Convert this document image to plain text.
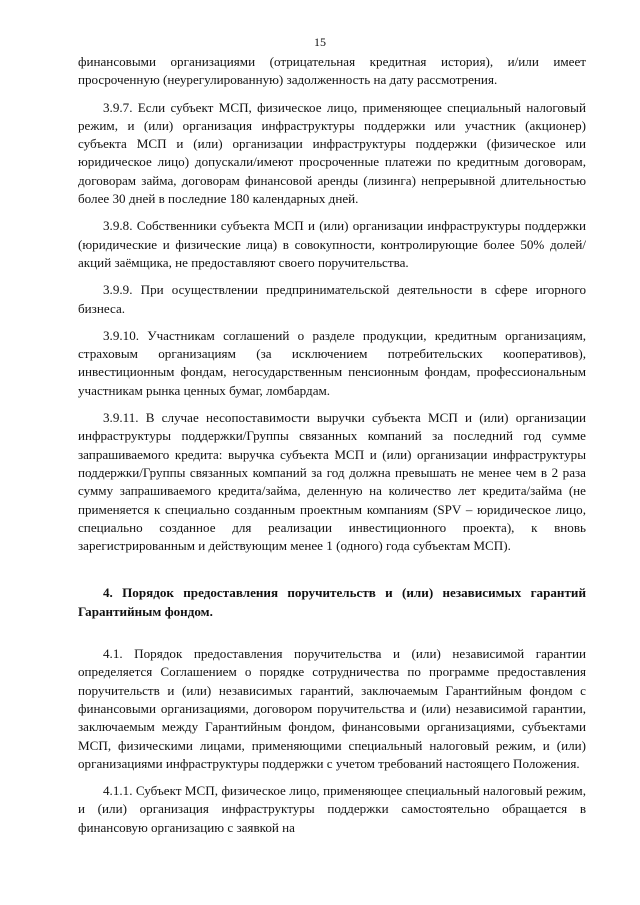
15

финансовыми организациями (отрицательная кредитная история), и/или имеет просроченную (неурегулированную) задолженность на дату рассмотрения.

3.9.7. Если субъект МСП, физическое лицо, применяющее специальный налоговый режим, и (или) организация инфраструктуры поддержки или участник (акционер) субъекта МСП и (или) организации инфраструктуры поддержки (физическое или юридическое лицо) допускали/имеют просроченные платежи по кредитным договорам, договорам займа, договорам финансовой аренды (лизинга) непрерывной длительностью более 30 дней в последние 180 календарных дней.

3.9.8. Собственники субъекта МСП и (или) организации инфраструктуры поддержки (юридические и физические лица) в совокупности, контролирующие более 50% долей/акций заёмщика, не предоставляют своего поручительства.

3.9.9. При осуществлении предпринимательской деятельности в сфере игорного бизнеса.

3.9.10. Участникам соглашений о разделе продукции, кредитным организациям, страховым организациям (за исключением потребительских кооперативов), инвестиционным фондам, негосударственным пенсионным фондам, профессиональным участникам рынка ценных бумаг, ломбардам.

3.9.11. В случае несопоставимости выручки субъекта МСП и (или) организации инфраструктуры поддержки/Группы связанных компаний за последний год сумме запрашиваемого кредита: выручка субъекта МСП и (или) организации инфраструктуры поддержки/Группы связанных компаний за год должна превышать не менее чем в 2 раза сумму запрашиваемого кредита/займа, деленную на количество лет кредита/займа (не применяется к специально созданным проектным компаниям (SPV – юридическое лицо, специально созданное для реализации инвестиционного проекта), к вновь зарегистрированным и действующим менее 1 (одного) года субъектам МСП).

4. Порядок предоставления поручительств и (или) независимых гарантий Гарантийным фондом.

4.1. Порядок предоставления поручительства и (или) независимой гарантии определяется Соглашением о порядке сотрудничества по программе предоставления поручительств и (или) независимых гарантий, заключаемым Гарантийным фондом с финансовыми организациями, договором поручительства и (или) независимой гарантии, заключаемым между Гарантийным фондом, финансовыми организациями, субъектами МСП, физическими лицами, применяющими специальный налоговый режим, и (или) организациями инфраструктуры поддержки с учетом требований настоящего Положения.

4.1.1. Субъект МСП, физическое лицо, применяющее специальный налоговый режим, и (или) организация инфраструктуры поддержки самостоятельно обращается в финансовую организацию с заявкой на
